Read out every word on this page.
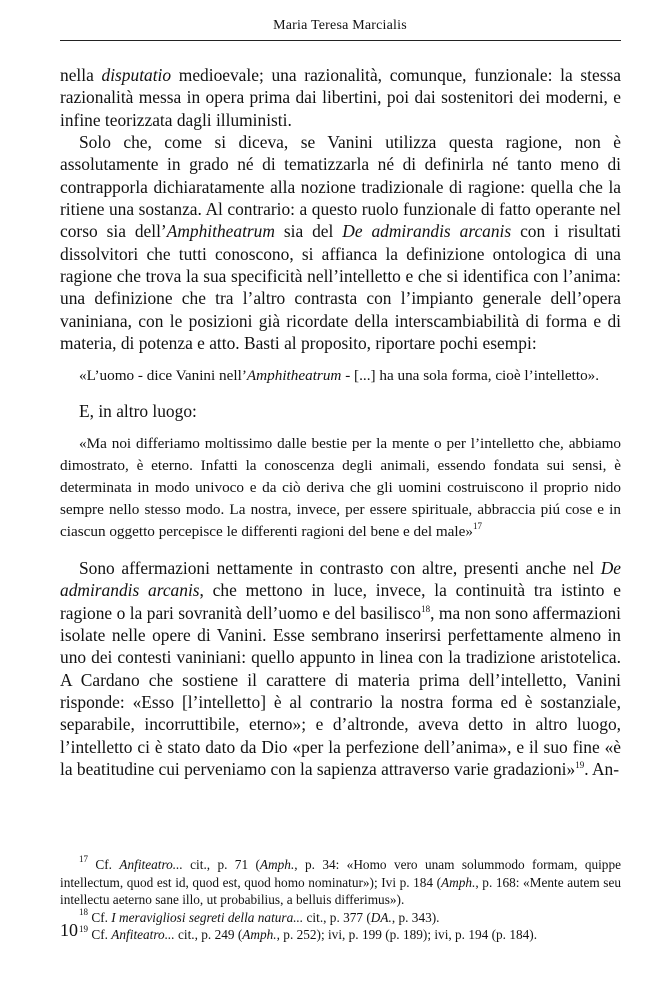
Maria Teresa Marcialis

nella disputatio medioevale; una razionalità, comunque, funzionale: la stessa razionalità messa in opera prima dai libertini, poi dai sostenitori dei moderni, e infine teorizzata dagli illuministi.

Solo che, come si diceva, se Vanini utilizza questa ragione, non è assolutamente in grado né di tematizzarla né di definirla né tanto meno di contrapporla dichiaratamente alla nozione tradizionale di ragione: quella che la ritiene una sostanza. Al contrario: a questo ruolo funzionale di fatto operante nel corso sia dell’Amphitheatrum sia del De admirandis arcanis con i risultati dissolvitori che tutti conoscono, si affianca la definizione ontologica di una ragione che trova la sua specificità nell’intelletto e che si identifica con l’anima: una definizione che tra l’altro contrasta con l’impianto generale dell’opera vaniniana, con le posizioni già ricordate della interscambiabilità di forma e di materia, di potenza e atto. Basti al proposito, riportare pochi esempi:

«L’uomo - dice Vanini nell’Amphitheatrum - [...] ha una sola forma, cioè l’intelletto».

E, in altro luogo:

«Ma noi differiamo moltissimo dalle bestie per la mente o per l’intelletto che, abbiamo dimostrato, è eterno. Infatti la conoscenza degli animali, essendo fondata sui sensi, è determinata in modo univoco e da ciò deriva che gli uomini costruiscono il proprio nido sempre nello stesso modo. La nostra, invece, per essere spirituale, abbraccia piú cose e in ciascun oggetto percepisce le differenti ragioni del bene e del male»$^{17}$

Sono affermazioni nettamente in contrasto con altre, presenti anche nel De admirandis arcanis, che mettono in luce, invece, la continuità tra istinto e ragione o la pari sovranità dell’uomo e del basilisco$^{18}$, ma non sono affermazioni isolate nelle opere di Vanini. Esse sembrano inserirsi perfettamente almeno in uno dei contesti vaniniani: quello appunto in linea con la tradizione aristotelica. A Cardano che sostiene il carattere di materia prima dell’intelletto, Vanini risponde: «Esso [l’intelletto] è al contrario la nostra forma ed è sostanziale, separabile, incorruttibile, eterno»; e d’altronde, aveva detto in altro luogo, l’intelletto ci è stato dato da Dio «per la perfezione dell’anima», e il suo fine «è la beatitudine cui perveniamo con la sapienza attraverso varie gradazioni»$^{19}$. An-

$^{17}$ Cf. Anfiteatro... cit., p. 71 (Amph., p. 34: «Homo vero unam solummodo formam, quippe intellectum, quod est id, quod est, quod homo nominatur»); Ivi p. 184 (Amph., p. 168: «Mente autem seu intellectu aeterno sane illo, ut probabilius, a belluis differimus»).

$^{18}$ Cf. I meravigliosi segreti della natura... cit., p. 377 (DA., p. 343).

$^{19}$ Cf. Anfiteatro... cit., p. 249 (Amph., p. 252); ivi, p. 199 (p. 189); ivi, p. 194 (p. 184).

10
